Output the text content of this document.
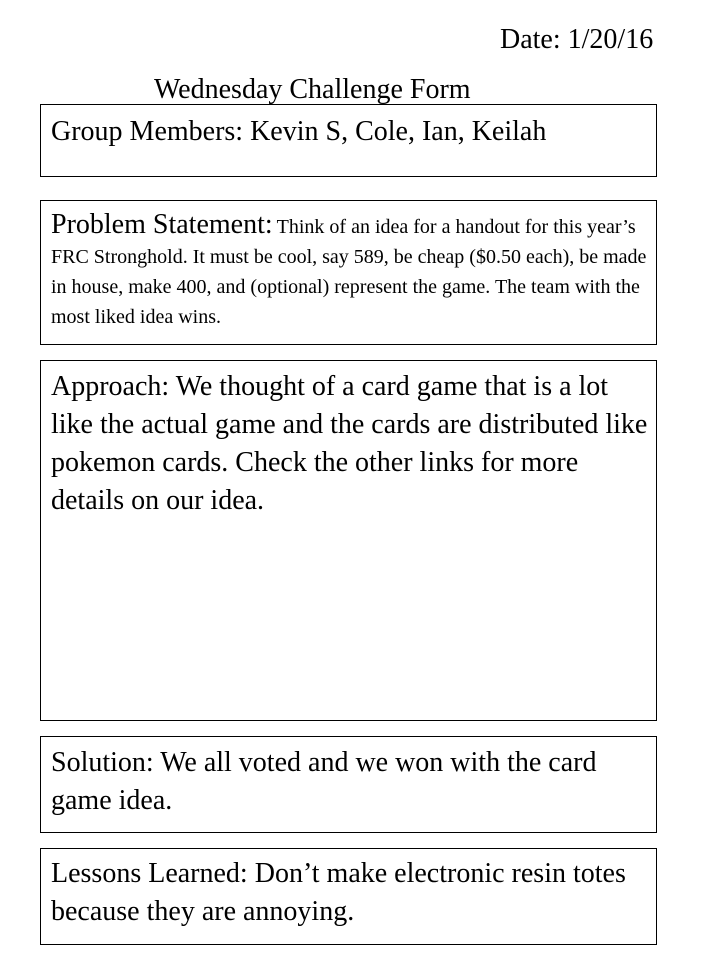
Date: 1/20/16
Wednesday Challenge Form
Group Members: Kevin S, Cole, Ian, Keilah
Problem Statement: Think of an idea for a handout for this year’s FRC Stronghold. It must be cool, say 589, be cheap ($0.50 each), be made in house, make 400, and (optional) represent the game. The team with the most liked idea wins.
Approach: We thought of a card game that is a lot like the actual game and the cards are distributed like pokemon cards. Check the other links for more details on our idea.
Solution: We all voted and we won with the card game idea.
Lessons Learned: Don’t make electronic resin totes because they are annoying.
